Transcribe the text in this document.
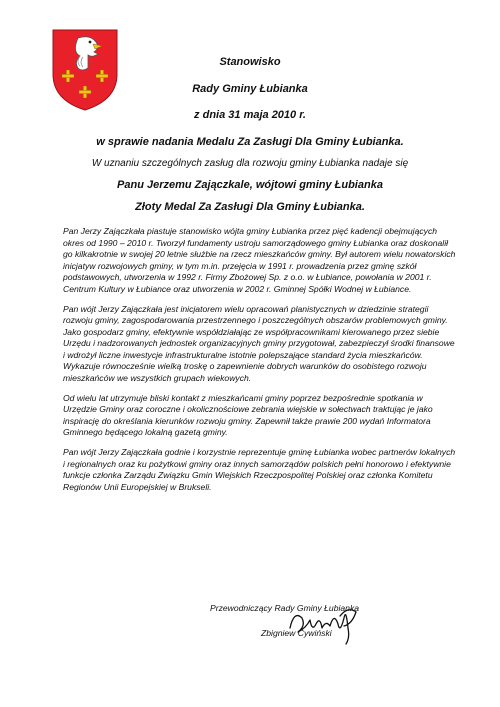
Stanowisko
Rady Gminy Łubianka
z dnia 31 maja 2010 r.
w sprawie nadania Medalu Za Zasługi Dla Gminy Łubianka.
W uznaniu szczególnych zasług dla rozwoju gminy Łubianka nadaje się
Panu Jerzemu Zajączkale, wójtowi gminy Łubianka
Złoty Medal Za Zasługi Dla Gminy Łubianka.

Pan Jerzy Zajączkała piastuje stanowisko wójta gminy Łubianka przez pięć kadencji obejmujących okres od 1990 – 2010 r. Tworzył fundamenty ustroju samorządowego gminy Łubianka oraz doskonalił go kilkakrotnie w swojej 20 letnie służbie na rzecz mieszkańców gminy. Był autorem wielu nowatorskich inicjatyw rozwojowych gminy, w tym m.in. przejęcia w 1991 r. prowadzenia przez gminę szkół podstawowych, utworzenia w 1992 r. Firmy Zbożowej Sp. z o.o. w Łubiance, powołania w 2001 r. Centrum Kultury w Łubiance oraz utworzenia w 2002 r. Gminnej Spółki Wodnej w Łubiance.

Pan wójt Jerzy Zajączkała jest inicjatorem wielu opracowań planistycznych w dziedzinie strategii rozwoju gminy, zagospodarowania przestrzennego i poszczególnych obszarów problemowych gminy. Jako gospodarz gminy, efektywnie współdziałając ze współpracownikami kierowanego przez siebie Urzędu i nadzorowanych jednostek organizacyjnych gminy przygotował, zabezpieczył środki finansowe i wdrożył liczne inwestycje infrastrukturalne istotnie polepszające standard życia mieszkańców. Wykazuje równocześnie wielką troskę o zapewnienie dobrych warunków do osobistego rozwoju mieszkańców we wszystkich grupach wiekowych.

Od wielu lat utrzymuje bliski kontakt z mieszkańcami gminy poprzez bezpośrednie spotkania w Urzędzie Gminy oraz coroczne i okolicznościowe zebrania wiejskie w sołectwach traktując je jako inspirację do określania kierunków rozwoju gminy. Zapewnił także prawie 200 wydań Informatora Gminnego będącego lokalną gazetą gminy.

Pan wójt Jerzy Zajączkała godnie i korzystnie reprezentuje gminę Łubianka wobec partnerów lokalnych i regionalnych oraz ku pożytkowi gminy oraz innych samorządów polskich pełni honorowo i efektywnie funkcje członka Zarządu Związku Gmin Wiejskich Rzeczpospolitej Polskiej oraz członka Komitetu Regionów Unii Europejskiej w Brukseli.

Przewodniczący Rady Gminy Łubianka
Zbigniew Cywiński
